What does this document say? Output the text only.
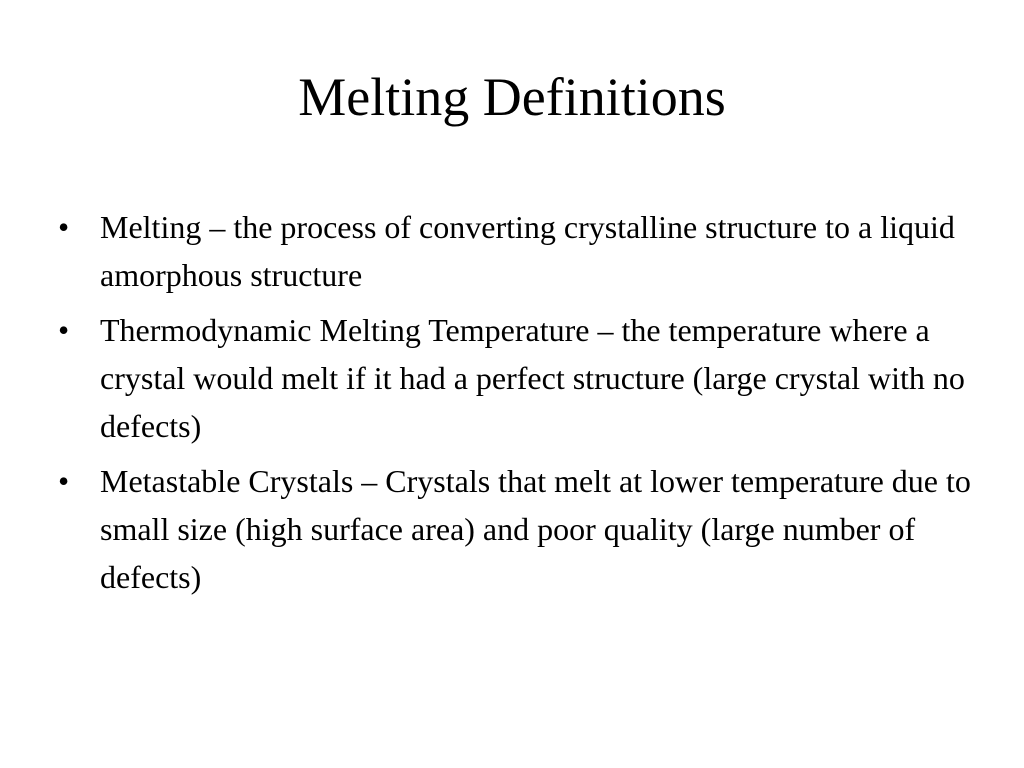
Melting Definitions
• Melting – the process of converting crystalline structure to a liquid amorphous structure
• Thermodynamic Melting Temperature – the temperature where a crystal would melt if it had a perfect structure (large crystal with no defects)
• Metastable Crystals – Crystals that melt at lower temperature due to small size (high surface area) and poor quality (large number of defects)
